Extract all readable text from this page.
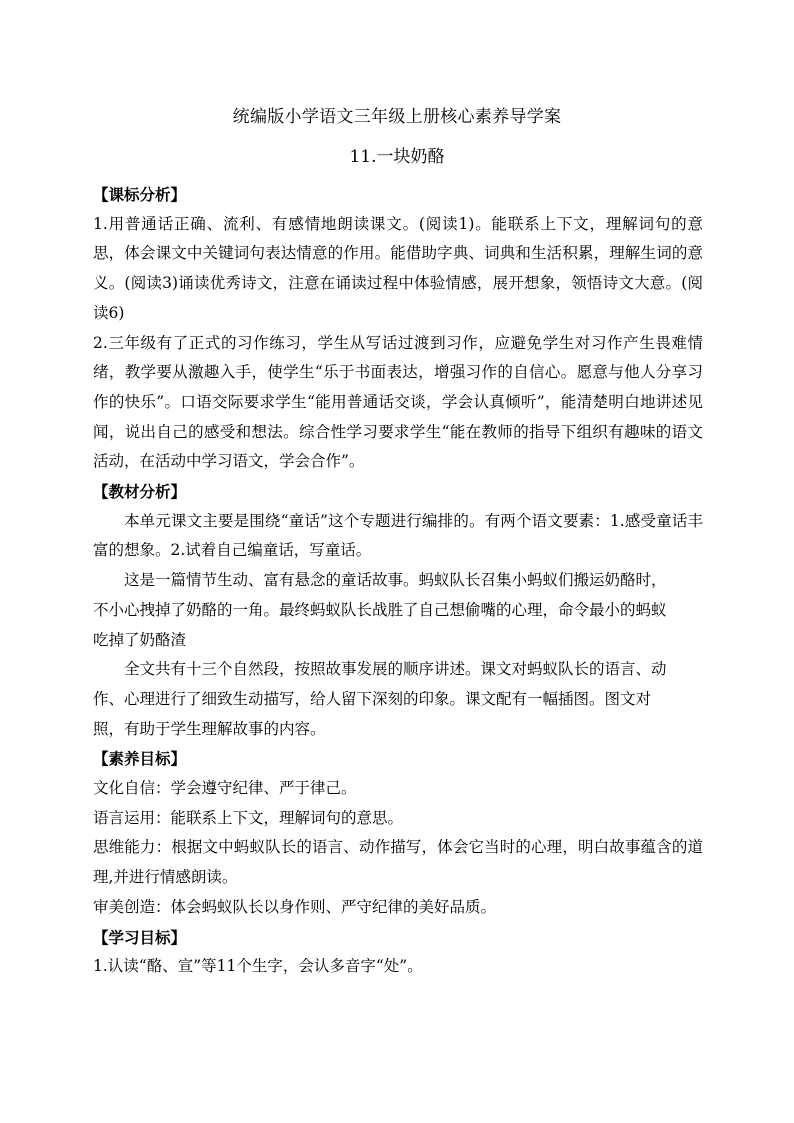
统编版小学语文三年级上册核心素养导学案
11.一块奶酪
【课标分析】

1.用普通话正确、流利、有感情地朗读课文。(阅读1)。能联系上下文，理解词句的意思，体会课文中关键词句表达情意的作用。能借助字典、词典和生活积累，理解生词的意义。(阅读3)诵读优秀诗文，注意在诵读过程中体验情感，展开想象，领悟诗文大意。(阅读6)

2.三年级有了正式的习作练习，学生从写话过渡到习作，应避免学生对习作产生畏难情绪，教学要从激趣入手，使学生“乐于书面表达，增强习作的自信心。愿意与他人分享习作的快乐”。口语交际要求学生“能用普通话交谈，学会认真倾听”，能清楚明白地讲述见闻，说出自己的感受和想法。综合性学习要求学生“能在教师的指导下组织有趣味的语文活动，在活动中学习语文，学会合作”。

【教材分析】

本单元课文主要是围绕“童话”这个专题进行编排的。有两个语文要素：1.感受童话丰富的想象。2.试着自己编童话，写童话。

这是一篇情节生动、富有悬念的童话故事。蚂蚁队长召集小蚂蚁们搬运奶酪时，
不小心拽掉了奶酪的一角。最终蚂蚁队长战胜了自己想偷嘴的心理，命令最小的蚂蚁
吃掉了奶酪渣
全文共有十三个自然段，按照故事发展的顺序讲述。课文对蚂蚁队长的语言、动
作、心理进行了细致生动描写，给人留下深刻的印象。课文配有一幅插图。图文对
照，有助于学生理解故事的内容。
【素养目标】

文化自信：学会遵守纪律、严于律己。

语言运用：能联系上下文，理解词句的意思。

思维能力：根据文中蚂蚁队长的语言、动作描写，体会它当时的心理，明白故事蕴含的道理,并进行情感朗读。

审美创造：体会蚂蚁队长以身作则、严守纪律的美好品质。

【学习目标】

1.认读“酪、宣”等11个生字，会认多音字“处”。
